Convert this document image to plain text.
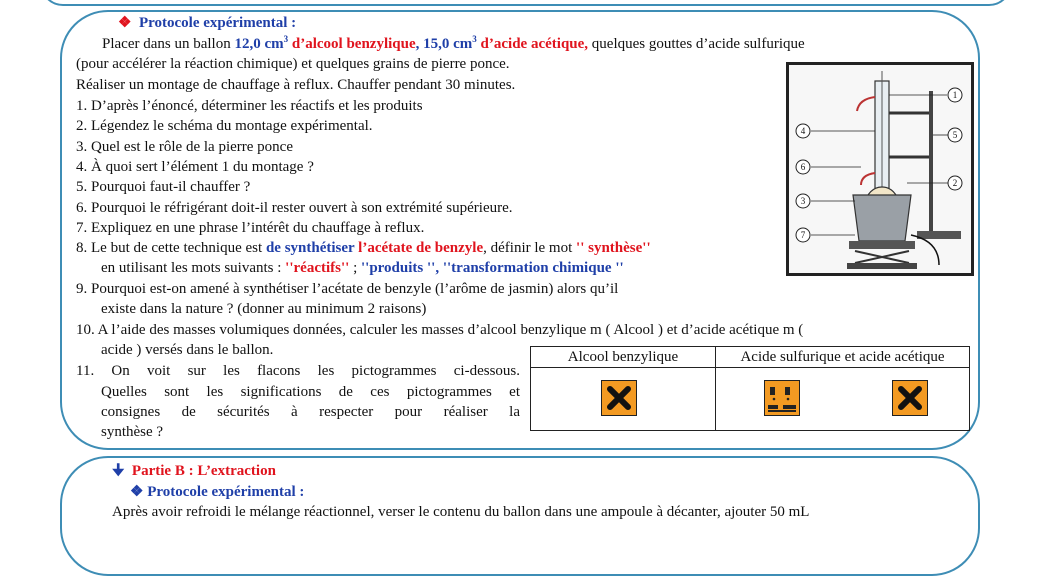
❖ Protocole expérimental :
Placer dans un ballon 12,0 $cm^3$ d’alcool benzylique, 15,0 $cm^3$ d’acide acétique, quelques gouttes d’acide sulfurique
(pour accélérer la réaction chimique) et quelques grains de pierre ponce.
Réaliser un montage de chauffage à reflux. Chauffer pendant 30 minutes.
1. D’après l’énoncé, déterminer les réactifs et les produits
2. Légendez le schéma du montage expérimental.
3. Quel est le rôle de la pierre ponce
4. À quoi sert l’élément 1 du montage ?
5. Pourquoi faut-il chauffer ?
6. Pourquoi le réfrigérant doit-il rester ouvert à son extrémité supérieure.
7. Expliquez en une phrase l’intérêt du chauffage à reflux.
8. Le but de cette technique est de synthétiser l’acétate de benzyle, définir le mot '' synthèse''
en utilisant les mots suivants : ''réactifs'' ; ''produits '', ''transformation chimique ''
9. Pourquoi est-on amené à synthétiser l’acétate de benzyle (l’arôme de jasmin) alors qu’il
existe dans la nature ? (donner au minimum 2 raisons)
10. A l’aide des masses volumiques données, calculer les masses d’alcool benzylique m ( Alcool ) et d’acide acétique m (
acide ) versés dans le ballon.
11. On voit sur les flacons les pictogrammes ci-dessous.
Quelles sont les significations de ces pictogrammes et
consignes de sécurités à respecter pour réaliser la
synthèse ?
1
2
3
4	5
6
7
Alcool benzylique	Acide sulfurique et acide acétique

🠋 Partie B : L’extraction
❖ Protocole expérimental :
Après avoir refroidi le mélange réactionnel, verser le contenu du ballon dans une ampoule à décanter, ajouter 50 mL
